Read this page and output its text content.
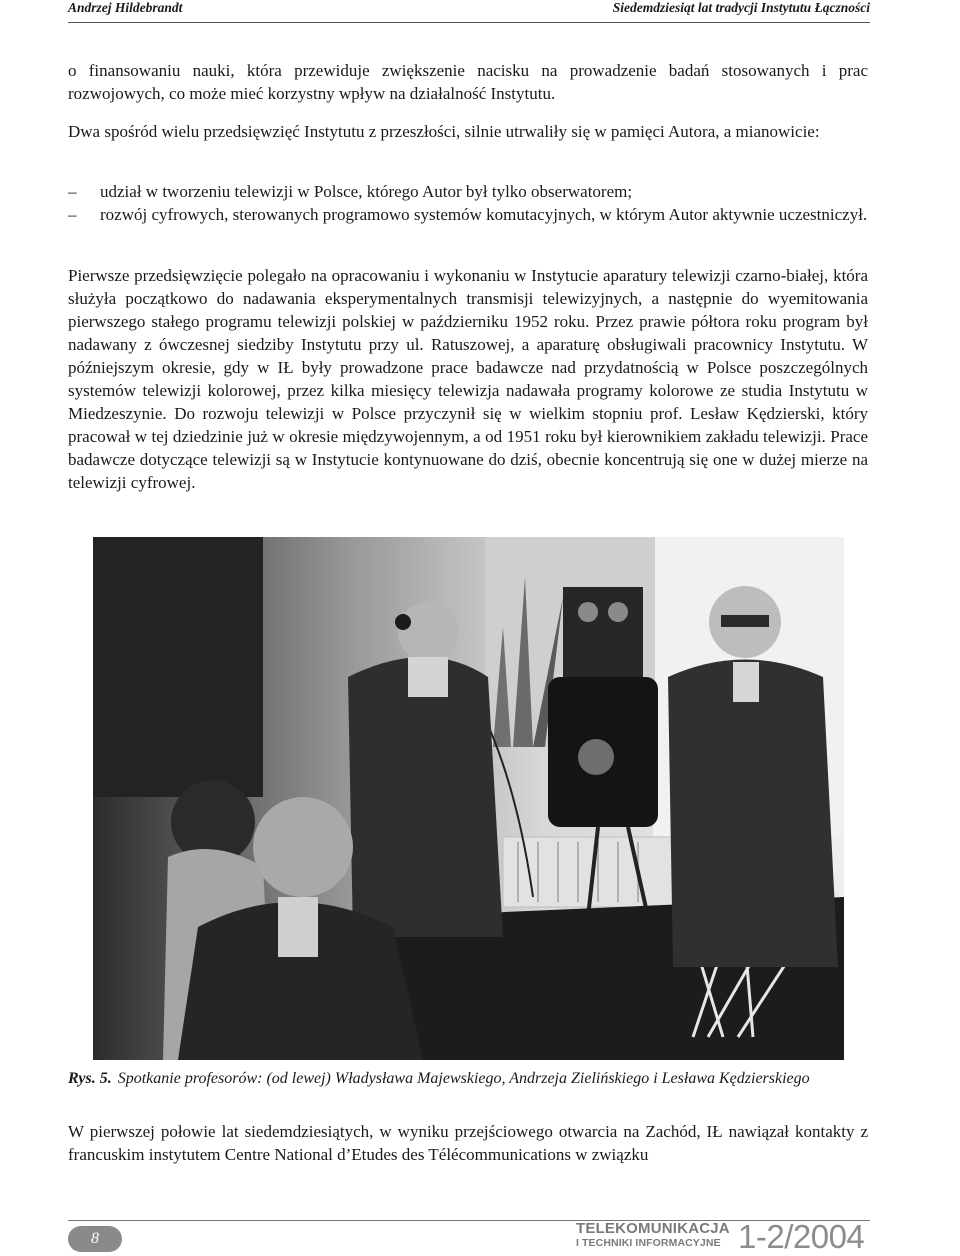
Andrzej Hildebrandt	Siedemdziesiąt lat tradycji Instytutu Łączności

o finansowaniu nauki, która przewiduje zwiększenie nacisku na prowadzenie badań stosowanych i prac rozwojowych, co może mieć korzystny wpływ na działalność Instytutu.

Dwa spośród wielu przedsięwzięć Instytutu z przeszłości, silnie utrwaliły się w pamięci Autora, a mianowicie:

– udział w tworzeniu telewizji w Polsce, którego Autor był tylko obserwatorem;
– rozwój cyfrowych, sterowanych programowo systemów komutacyjnych, w którym Autor aktywnie uczestniczył.

Pierwsze przedsięwzięcie polegało na opracowaniu i wykonaniu w Instytucie aparatury telewizji czarno-białej, która służyła początkowo do nadawania eksperymentalnych transmisji telewizyjnych, a następnie do wyemitowania pierwszego stałego programu telewizji polskiej w październiku 1952 roku. Przez prawie półtora roku program był nadawany z ówczesnej siedziby Instytutu przy ul. Ratuszowej, a aparaturę obsługiwali pracownicy Instytutu. W późniejszym okresie, gdy w IŁ były prowadzone prace badawcze nad przydatnością w Polsce poszczególnych systemów telewizji kolorowej, przez kilka miesięcy telewizja nadawała programy kolorowe ze studia Instytutu w Miedzeszynie. Do rozwoju telewizji w Polsce przyczynił się w wielkim stopniu prof. Lesław Kędzierski, który pracował w tej dziedzinie już w okresie międzywojennym, a od 1951 roku był kierownikiem zakładu telewizji. Prace badawcze dotyczące telewizji są w Instytucie kontynuowane do dziś, obecnie koncentrują się one w dużej mierze na telewizji cyfrowej.

Rys. 5. Spotkanie profesorów: (od lewej) Władysława Majewskiego, Andrzeja Zielińskiego i Lesława Kędzierskiego

W pierwszej połowie lat siedemdziesiątych, w wyniku przejściowego otwarcia na Zachód, IŁ nawiązał kontakty z francuskim instytutem Centre National d’Etudes des Télécommunications w związku

8
TELEKOMUNIKACJA
I TECHNIKI INFORMACYJNE 1-2/2004
